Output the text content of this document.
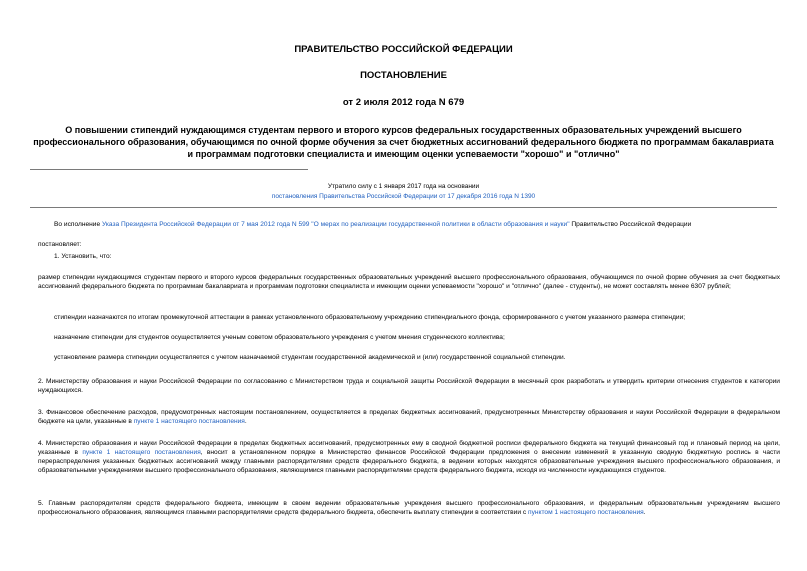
ПРАВИТЕЛЬСТВО РОССИЙСКОЙ ФЕДЕРАЦИИ
ПОСТАНОВЛЕНИЕ
от 2 июля 2012 года N 679
О повышении стипендий нуждающимся студентам первого и второго курсов федеральных государственных образовательных учреждений высшего профессионального образования, обучающимся по очной форме обучения за счет бюджетных ассигнований федерального бюджета по программам бакалавриата и программам подготовки специалиста и имеющим оценки успеваемости "хорошо" и "отлично"
Утратило силу с 1 января 2017 года на основании
постановления Правительства Российской Федерации от 17 декабря 2016 года N 1390

Во исполнение Указа Президента Российской Федерации от 7 мая 2012 года N 599 "О мерах по реализации государственной политики в области образования и науки" Правительство Российской Федерации

постановляет:

1. Установить, что:

размер стипендии нуждающимся студентам первого и второго курсов федеральных государственных образовательных учреждений высшего профессионального образования, обучающимся по очной форме обучения за счет бюджетных ассигнований федерального бюджета по программам бакалавриата и программам подготовки специалиста и имеющим оценки успеваемости "хорошо" и "отлично" (далее - студенты), не может составлять менее 6307 рублей;

стипендии назначаются по итогам промежуточной аттестации в рамках установленного образовательному учреждению стипендиального фонда, сформированного с учетом указанного размера стипендии;

назначение стипендии для студентов осуществляется ученым советом образовательного учреждения с учетом мнения студенческого коллектива;

установление размера стипендии осуществляется с учетом назначаемой студентам государственной академической и (или) государственной социальной стипендии.

2. Министерству образования и науки Российской Федерации по согласованию с Министерством труда и социальной защиты Российской Федерации в месячный срок разработать и утвердить критерии отнесения студентов к категории нуждающихся.

3. Финансовое обеспечение расходов, предусмотренных настоящим постановлением, осуществляется в пределах бюджетных ассигнований, предусмотренных Министерству образования и науки Российской Федерации в федеральном бюджете на цели, указанные в пункте 1 настоящего постановления.

4. Министерство образования и науки Российской Федерации в пределах бюджетных ассигнований, предусмотренных ему в сводной бюджетной росписи федерального бюджета на текущий финансовый год и плановый период на цели, указанные в пункте 1 настоящего постановления, вносит в установленном порядке в Министерство финансов Российской Федерации предложения о внесении изменений в указанную сводную бюджетную роспись в части перераспределения указанных бюджетных ассигнований между главными распорядителями средств федерального бюджета, в ведении которых находятся образовательные учреждения высшего профессионального образования, и образовательными учреждениями высшего профессионального образования, являющимися главными распорядителями средств федерального бюджета, исходя из численности нуждающихся студентов.

5. Главным распорядителям средств федерального бюджета, имеющим в своем ведении образовательные учреждения высшего профессионального образования, и федеральным образовательным учреждениям высшего профессионального образования, являющимся главными распорядителями средств федерального бюджета, обеспечить выплату стипендии в соответствии с пунктом 1 настоящего постановления.
